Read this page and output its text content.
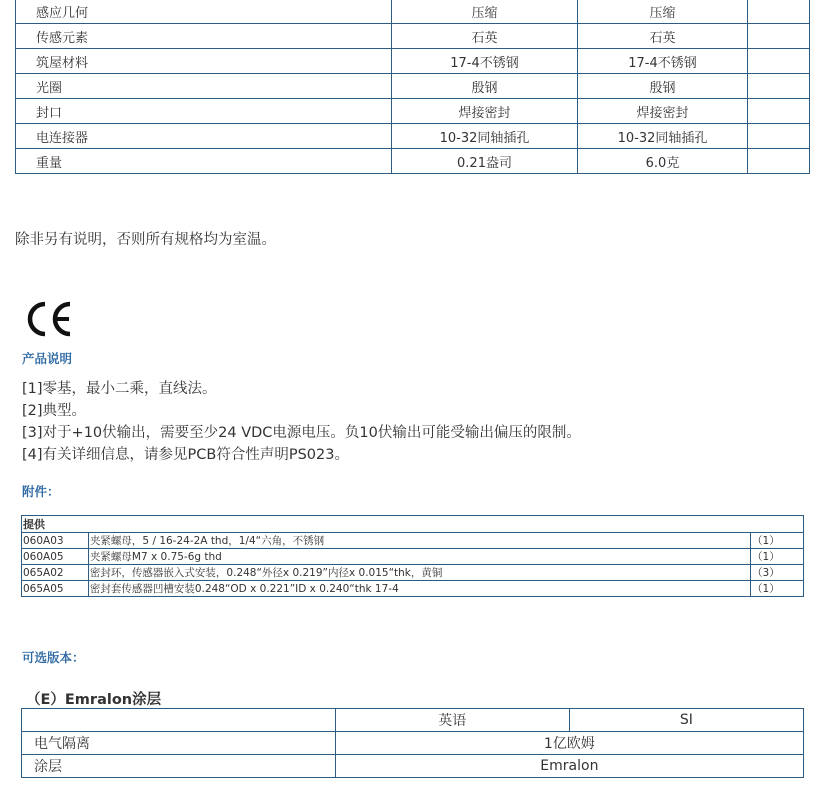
感应几何	压缩	压缩	
传感元素	石英	石英	
筑屋材料	17-4不锈钢	17-4不锈钢	
光圈	殷钢	殷钢	
封口	焊接密封	焊接密封	
电连接器	10-32同轴插孔	10-32同轴插孔	
重量	0.21盎司	6.0克	
除非另有说明，否则所有规格均为室温。
产品说明
[1]零基，最小二乘，直线法。
[2]典型。
[3]对于+10伏输出，需要至少24 VDC电源电压。负10伏输出可能受输出偏压的限制。
[4]有关详细信息，请参见PCB符合性声明PS023。
附件：
提供		
060A03	夹紧螺母，5 / 16-24-2A thd，1/4“六角，不锈钢	（1）
060A05	夹紧螺母M7 x 0.75-6g thd	（1）
065A02	密封环，传感器嵌入式安装，0.248“外径x 0.219”内径x 0.015“thk，黄铜	（3）
065A05	密封套传感器凹槽安装0.248“OD x 0.221”ID x 0.240“thk 17-4	（1）
可选版本：
（E）Emralon涂层
	英语	SI
电气隔离	1亿欧姆	
涂层	Emralon	
